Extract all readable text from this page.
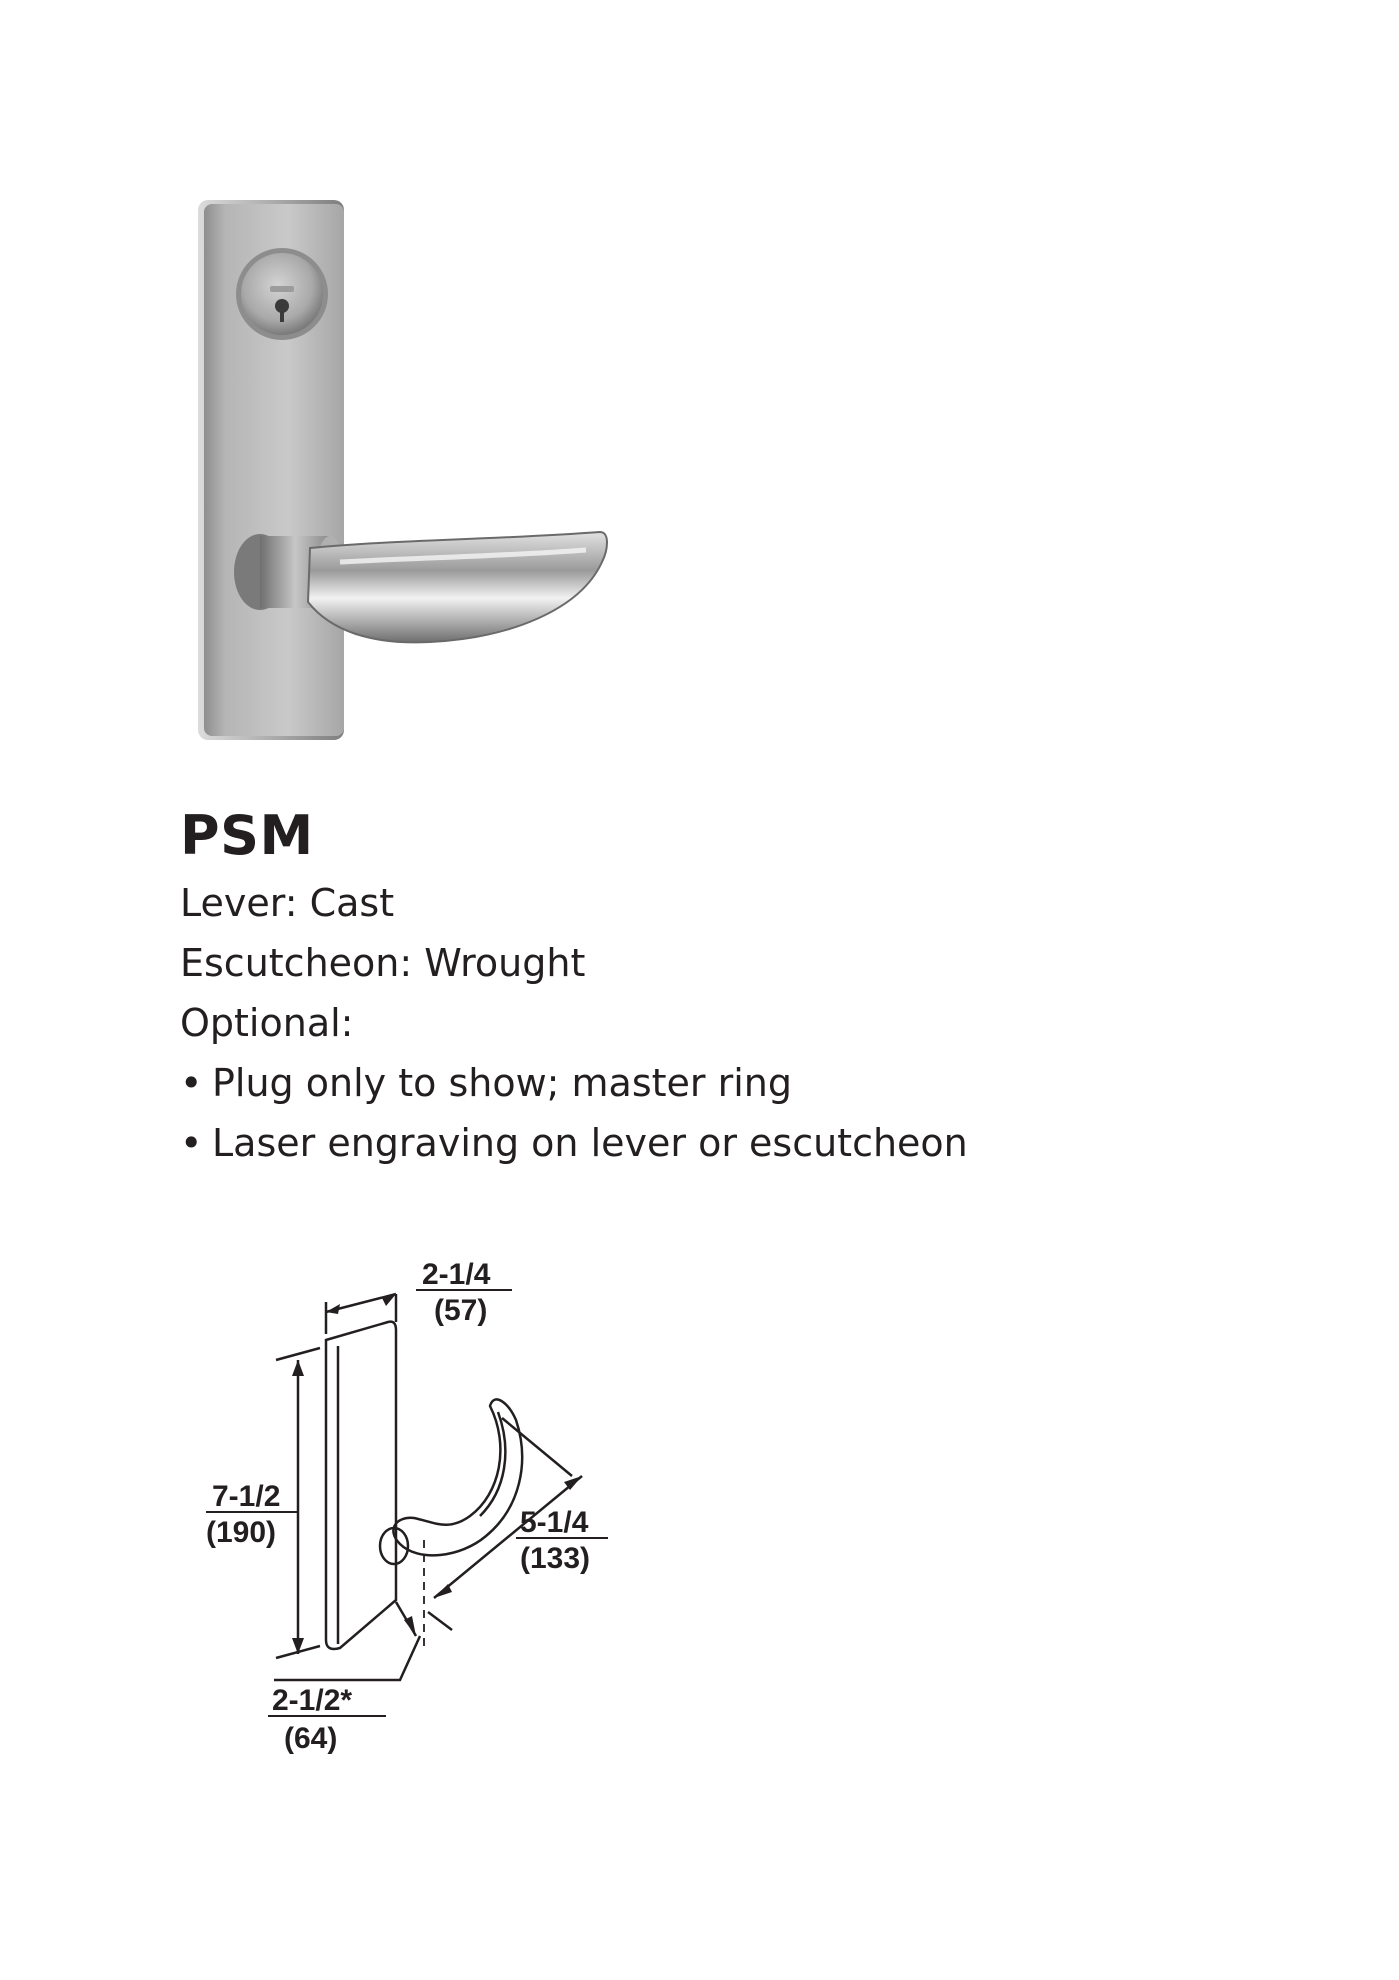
PSM

Lever: Cast

Escutcheon: Wrought

Optional:

• Plug only to show; master ring
• Laser engraving on lever or escutcheon
2-1/4
(57)
7-1/2
(190)	5-1/4
(133)
2-1/2*
(64)
